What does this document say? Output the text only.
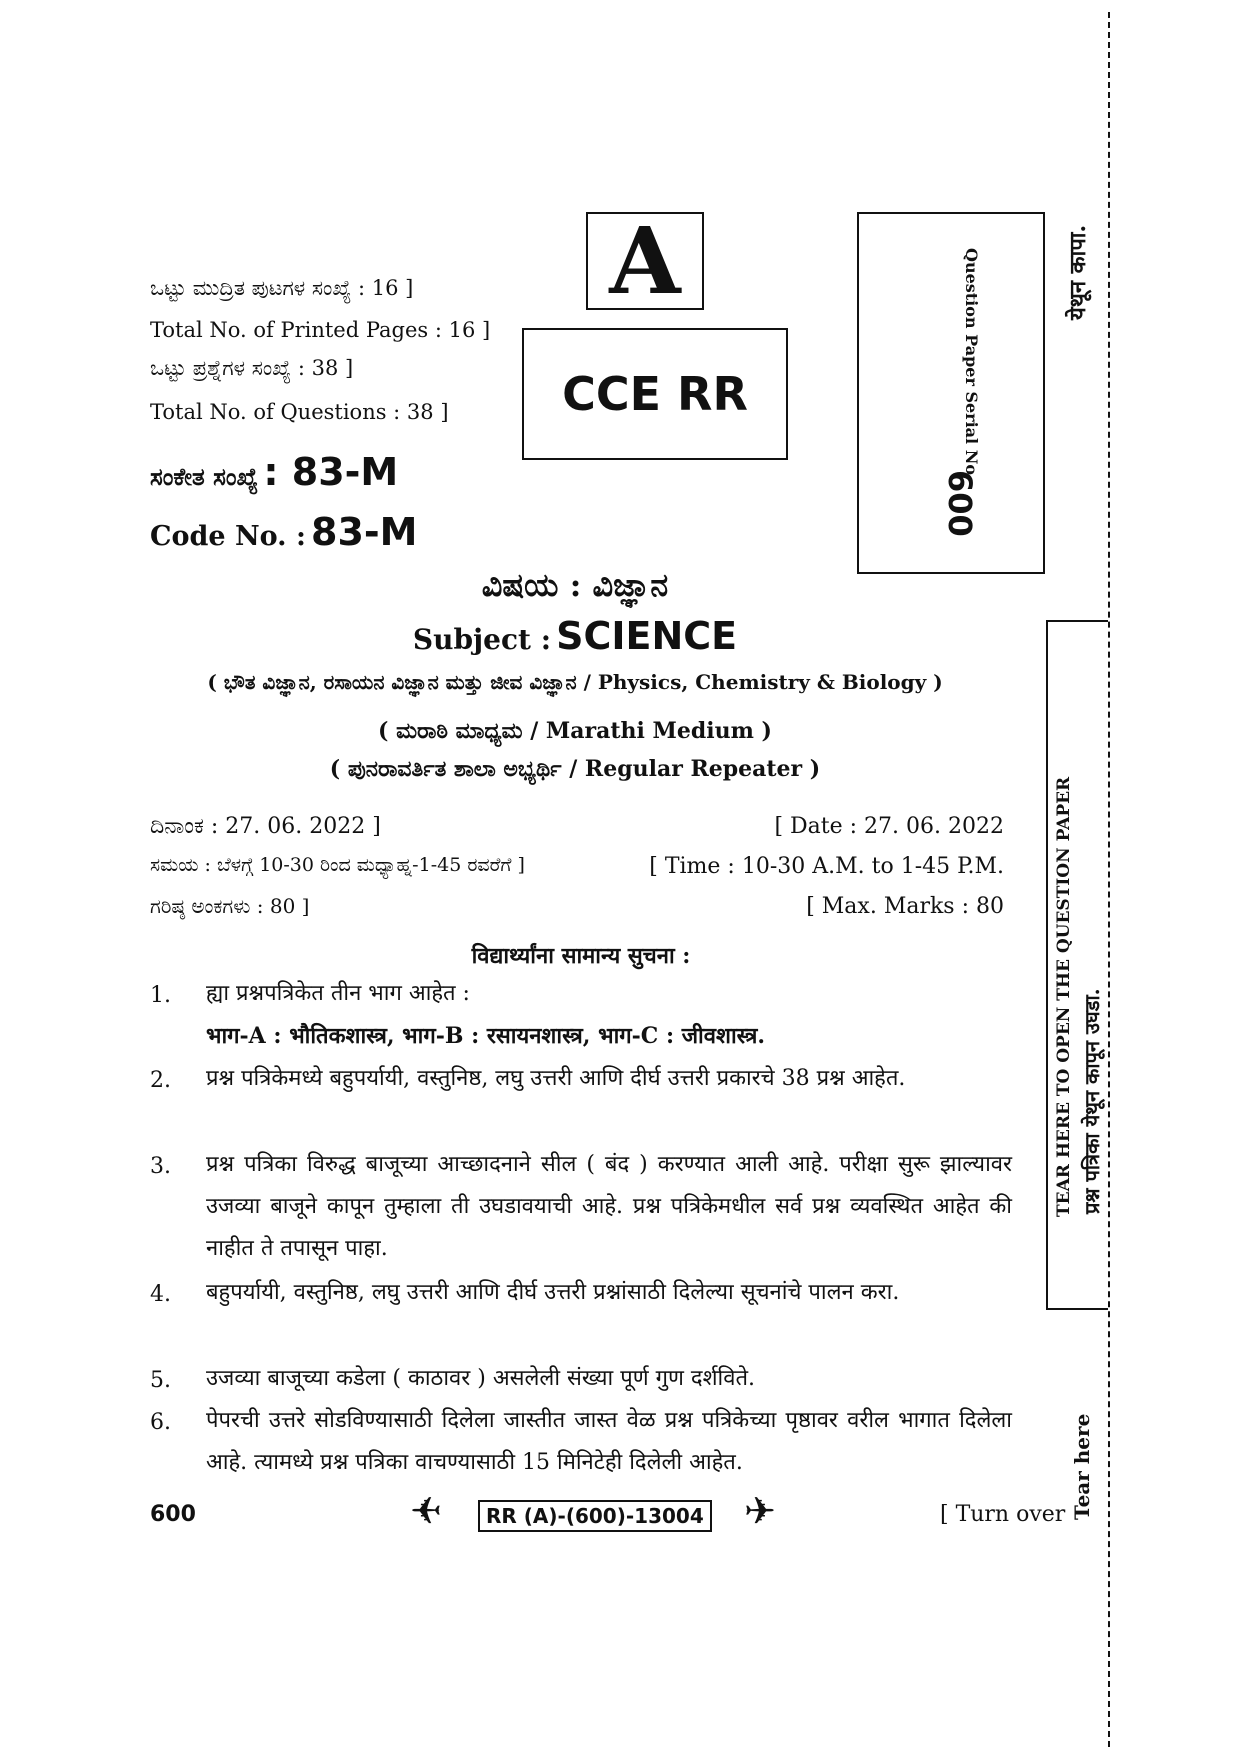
ಒಟ್ಟು ಮುದ್ರಿತ ಪುಟಗಳ ಸಂಖ್ಯೆ : 16 ]
Total No. of Printed Pages : 16 ]
ಒಟ್ಟು ಪ್ರಶ್ನೆಗಳ ಸಂಖ್ಯೆ : 38 ]
Total No. of Questions : 38 ]
ಸಂಕೇತ ಸಂಖ್ಯೆ : 83-M
Code No. : 83-M
A
CCE RR	Question Paper Serial No.
600
येथून कापा.
TEAR HERE TO OPEN THE QUESTION PAPER प्रश्न पत्रिका येथून कापून उघडा.
Tear here
ವಿಷಯ : ವಿಜ್ಞಾನ
Subject : SCIENCE
( ಭೌತ ವಿಜ್ಞಾನ, ರಸಾಯನ ವಿಜ್ಞಾನ ಮತ್ತು ಜೀವ ವಿಜ್ಞಾನ / Physics, Chemistry & Biology )
( ಮರಾಠಿ ಮಾಧ್ಯಮ / Marathi Medium )
( ಪುನರಾವರ್ತಿತ ಶಾಲಾ ಅಭ್ಯರ್ಥಿ / Regular Repeater )
ದಿನಾಂಕ : 27. 06. 2022 ]	[ Date : 27. 06. 2022
ಸಮಯ : ಬೆಳಗ್ಗೆ 10-30 ರಿಂದ ಮಧ್ಯಾಹ್ನ-1-45 ರವರೆಗೆ ]	[ Time : 10-30 A.M. to 1-45 P.M.
ಗರಿಷ್ಠ ಅಂಕಗಳು : 80 ]	[ Max. Marks : 80
विद्यार्थ्यांना सामान्य सुचना :
1. ह्या प्रश्नपत्रिकेत तीन भाग आहेत :
भाग-A : भौतिकशास्त्र, भाग-B : रसायनशास्त्र, भाग-C : जीवशास्त्र.
2. प्रश्न पत्रिकेमध्ये बहुपर्यायी, वस्तुनिष्ठ, लघु उत्तरी आणि दीर्घ उत्तरी प्रकारचे 38 प्रश्न आहेत.
3. प्रश्न पत्रिका विरुद्ध बाजूच्या आच्छादनाने सील ( बंद ) करण्यात आली आहे. परीक्षा सुरू झाल्यावर उजव्या बाजूने कापून तुम्हाला ती उघडावयाची आहे. प्रश्न पत्रिकेमधील सर्व प्रश्न व्यवस्थित आहेत की नाहीत ते तपासून पाहा.
4. बहुपर्यायी, वस्तुनिष्ठ, लघु उत्तरी आणि दीर्घ उत्तरी प्रश्नांसाठी दिलेल्या सूचनांचे पालन करा.
5. उजव्या बाजूच्या कडेला ( काठावर ) असलेली संख्या पूर्ण गुण दर्शविते.
6. पेपरची उत्तरे सोडविण्यासाठी दिलेला जास्तीत जास्त वेळ प्रश्न पत्रिकेच्या पृष्ठावर वरील भागात दिलेला आहे. त्यामध्ये प्रश्न पत्रिका वाचण्यासाठी 15 मिनिटेही दिलेली आहेत.
600	✈	RR (A)-(600)-13004 ✈	[ Turn over
